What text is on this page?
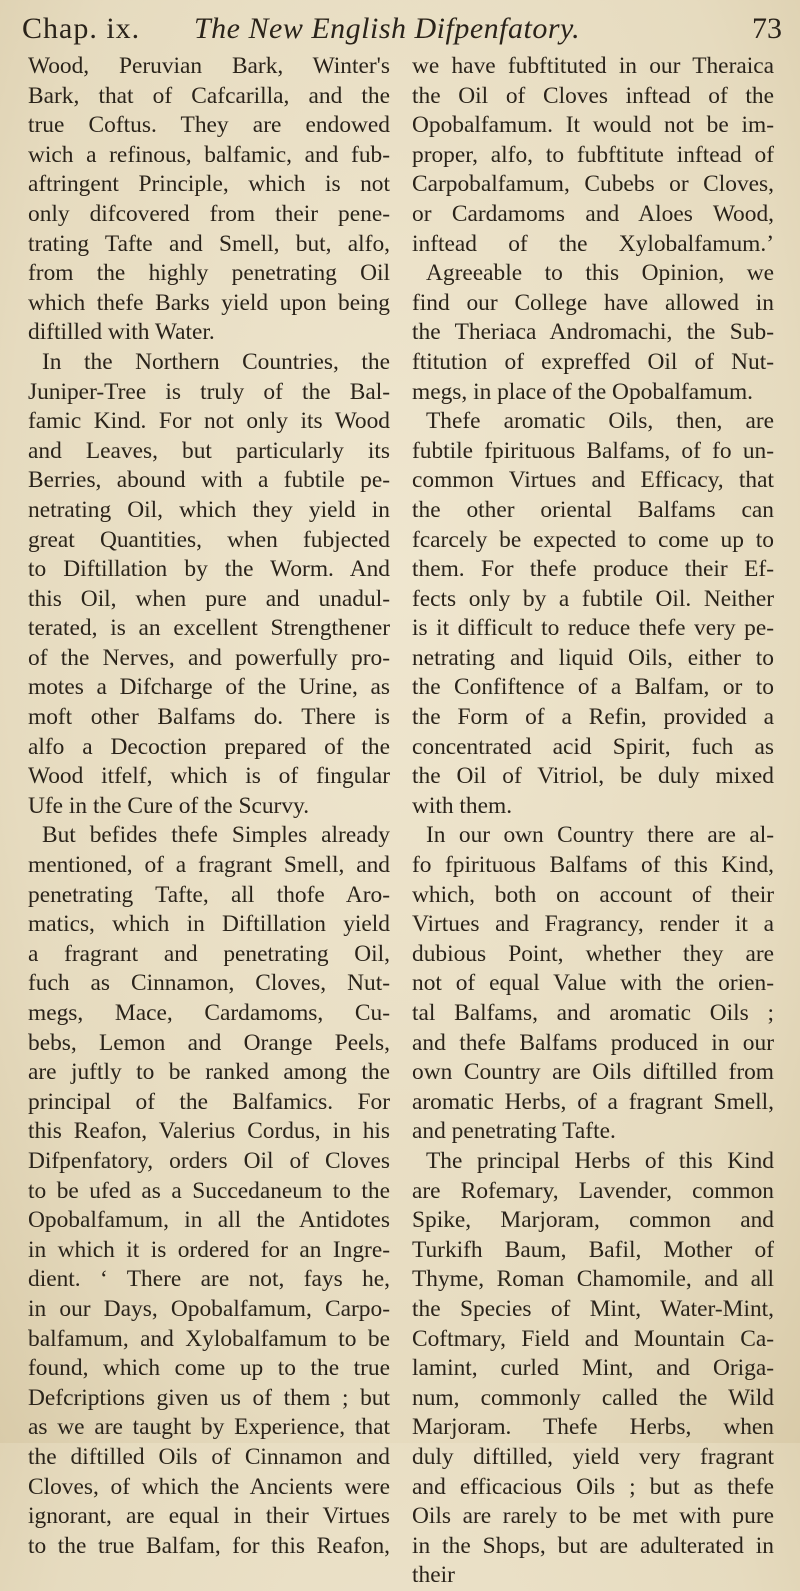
Chap. ix.	The New English Difpenfatory.	73
Wood, Peruvian Bark, Winter's
Bark, that of Cafcarilla, and the
true Coftus. They are endowed
wich a refinous, balfamic, and fub-
aftringent Principle, which is not
only difcovered from their pene-
trating Tafte and Smell, but, alfo,
from the highly penetrating Oil
which thefe Barks yield upon being
diftilled with Water.
In the Northern Countries, the
Juniper-Tree is truly of the Bal-
famic Kind. For not only its Wood
and Leaves, but particularly its
Berries, abound with a fubtile pe-
netrating Oil, which they yield in
great Quantities, when fubjected
to Diftillation by the Worm. And
this Oil, when pure and unadul-
terated, is an excellent Strengthener
of the Nerves, and powerfully pro-
motes a Difcharge of the Urine, as
moft other Balfams do. There is
alfo a Decoction prepared of the
Wood itfelf, which is of fingular
Ufe in the Cure of the Scurvy.
But befides thefe Simples already
mentioned, of a fragrant Smell, and
penetrating Tafte, all thofe Aro-
matics, which in Diftillation yield
a fragrant and penetrating Oil,
fuch as Cinnamon, Cloves, Nut-
megs, Mace, Cardamoms, Cu-
bebs, Lemon and Orange Peels,
are juftly to be ranked among the
principal of the Balfamics. For
this Reafon, Valerius Cordus, in his
Difpenfatory, orders Oil of Cloves
to be ufed as a Succedaneum to the
Opobalfamum, in all the Antidotes
in which it is ordered for an Ingre-
dient. ‘ There are not, fays he,
in our Days, Opobalfamum, Carpo-
balfamum, and Xylobalfamum to be
found, which come up to the true
Defcriptions given us of them ; but
as we are taught by Experience, that
the diftilled Oils of Cinnamon and
Cloves, of which the Ancients were
ignorant, are equal in their Virtues
to the true Balfam, for this Reafon,
we have fubftituted in our Theraica
the Oil of Cloves inftead of the
Opobalfamum. It would not be im-
proper, alfo, to fubftitute inftead of
Carpobalfamum, Cubebs or Cloves,
or Cardamoms and Aloes Wood,
inftead of the Xylobalfamum.’
Agreeable to this Opinion, we
find our College have allowed in
the Theriaca Andromachi, the Sub-
ftitution of expreffed Oil of Nut-
megs, in place of the Opobalfamum.
Thefe aromatic Oils, then, are
fubtile fpirituous Balfams, of fo un-
common Virtues and Efficacy, that
the other oriental Balfams can
fcarcely be expected to come up to
them. For thefe produce their Ef-
fects only by a fubtile Oil. Neither
is it difficult to reduce thefe very pe-
netrating and liquid Oils, either to
the Confiftence of a Balfam, or to
the Form of a Refin, provided a
concentrated acid Spirit, fuch as
the Oil of Vitriol, be duly mixed
with them.
In our own Country there are al-
fo fpirituous Balfams of this Kind,
which, both on account of their
Virtues and Fragrancy, render it a
dubious Point, whether they are
not of equal Value with the orien-
tal Balfams, and aromatic Oils ;
and thefe Balfams produced in our
own Country are Oils diftilled from
aromatic Herbs, of a fragrant Smell,
and penetrating Tafte.
The principal Herbs of this Kind
are Rofemary, Lavender, common
Spike, Marjoram, common and
Turkifh Baum, Bafil, Mother of
Thyme, Roman Chamomile, and all
the Species of Mint, Water-Mint,
Coftmary, Field and Mountain Ca-
lamint, curled Mint, and Origa-
num, commonly called the Wild
Marjoram. Thefe Herbs, when
duly diftilled, yield very fragrant
and efficacious Oils ; but as thefe
Oils are rarely to be met with pure
in the Shops, but are adulterated in
their
